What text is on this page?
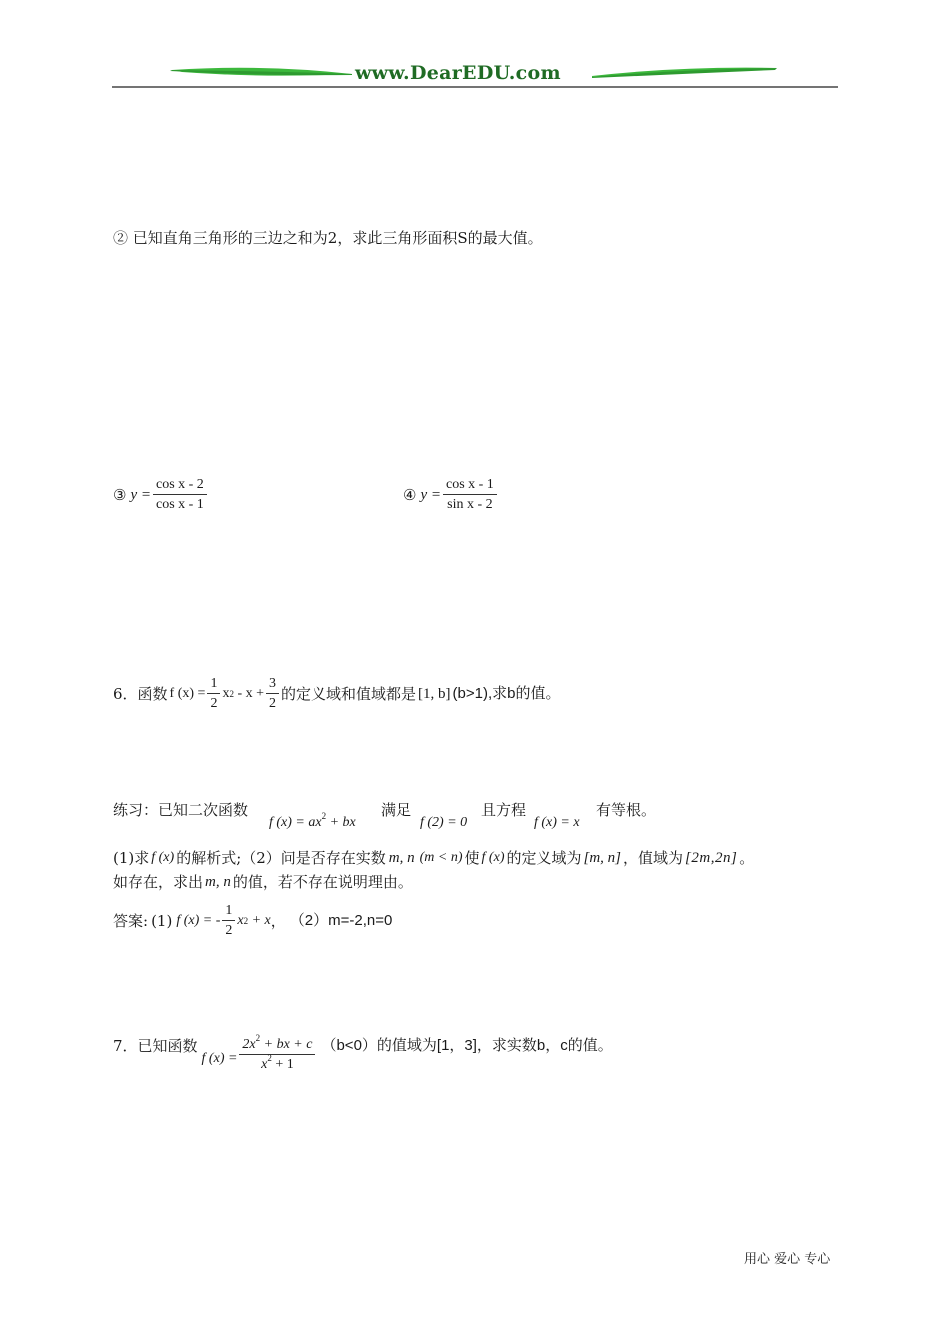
www.DearEDU.com
② 已知直角三角形的三边之和为2，求此三角形面积S的最大值。
③ $y = \frac{\text{cos x - 2}}{\text{cos x - 1}}$	④ $y = \frac{\text{cos x - 1}}{\text{sin x - 2}}$
6．函数 f $(x) = \frac{1}{2}$ x $2 - x + \frac{3}{2}$ 的定义域和值域都是 [1, b] (b>1),求b的值。
练习：已知二次函数
f $(x) = ax^2$ + bx
满足
f (2) = 0
且方程
f (x) = x
有等根。
(1)求 f (x) 的解析式;（2）问是否存在实数 m, n (m < n) 使 f (x) 的定义域为 [m, n] ，值域为 [2m,2n] 。
如存在，求出 m, n 的值，若不存在说明理由。
答案: (1) f (x) = - $\frac{1}{2}$ x 2 + x ， （2）m=-2,n=0
7．已知函数
f $(x) = \frac{2x^2 + bx + c}{x^2 + 1} (b<0)$的值域为[1，3]，求实数b，c的值。
用心 爱心 专心
